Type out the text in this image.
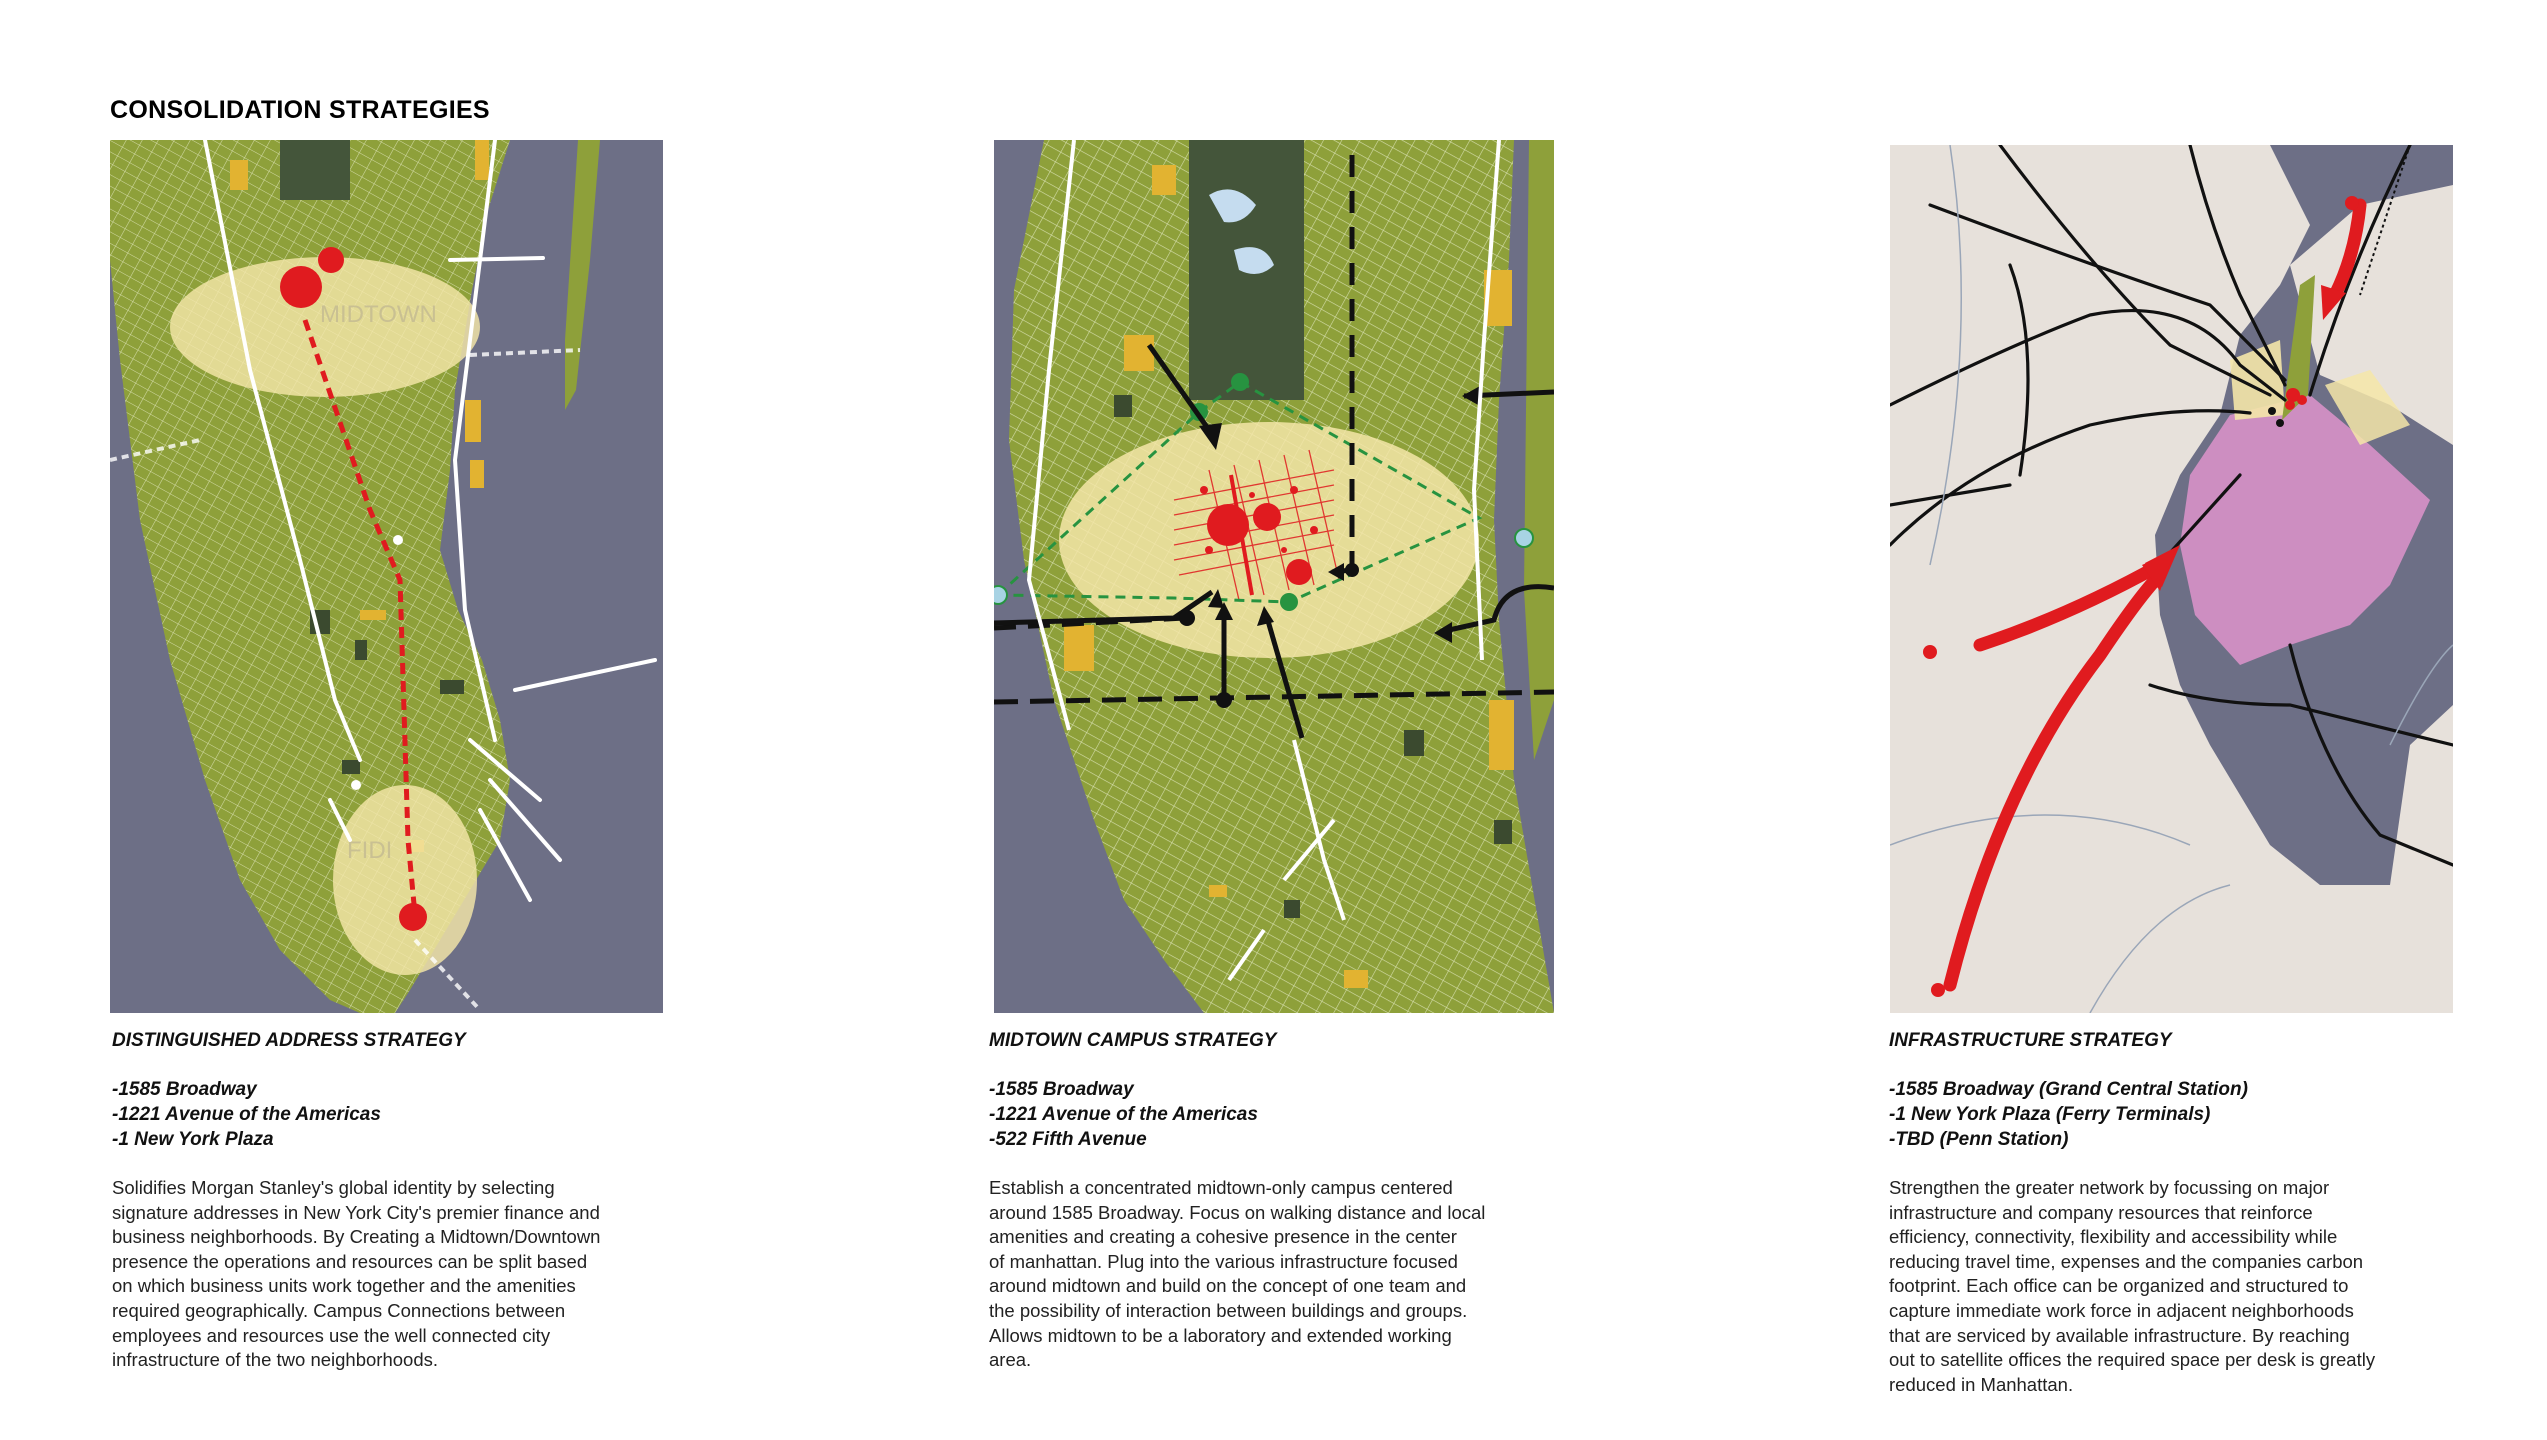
CONSOLIDATION STRATEGIES
MIDTOWN
FIDI
DISTINGUISHED ADDRESS STRATEGY
-1585 Broadway
-1221 Avenue of the Americas
-1 New York Plaza
Solidifies Morgan Stanley's global identity by selecting
signature addresses in New York City's premier finance and
business neighborhoods. By Creating a Midtown/Downtown
presence the operations and resources can be split based
on which business units work together and the amenities
required geographically. Campus Connections between
employees and resources use the well connected city
infrastructure of the two neighborhoods.
MIDTOWN CAMPUS STRATEGY
-1585 Broadway
-1221 Avenue of the Americas
-522 Fifth Avenue
Establish a concentrated midtown-only campus centered
around 1585 Broadway. Focus on walking distance and local
amenities and creating a cohesive presence in the center
of manhattan. Plug into the various infrastructure focused
around midtown and build on the concept of one team and
the possibility of interaction between buildings and groups.
Allows midtown to be a laboratory and extended working
area.
INFRASTRUCTURE STRATEGY
-1585 Broadway (Grand Central Station)
-1 New York Plaza (Ferry Terminals)
-TBD (Penn Station)
Strengthen the greater network by focussing on major
infrastructure and company resources that reinforce
efficiency, connectivity, flexibility and accessibility while
reducing travel time, expenses and the companies carbon
footprint. Each office can be organized and structured to
capture immediate work force in adjacent neighborhoods
that are serviced by available infrastructure. By reaching
out to satellite offices the required space per desk is greatly
reduced in Manhattan.
